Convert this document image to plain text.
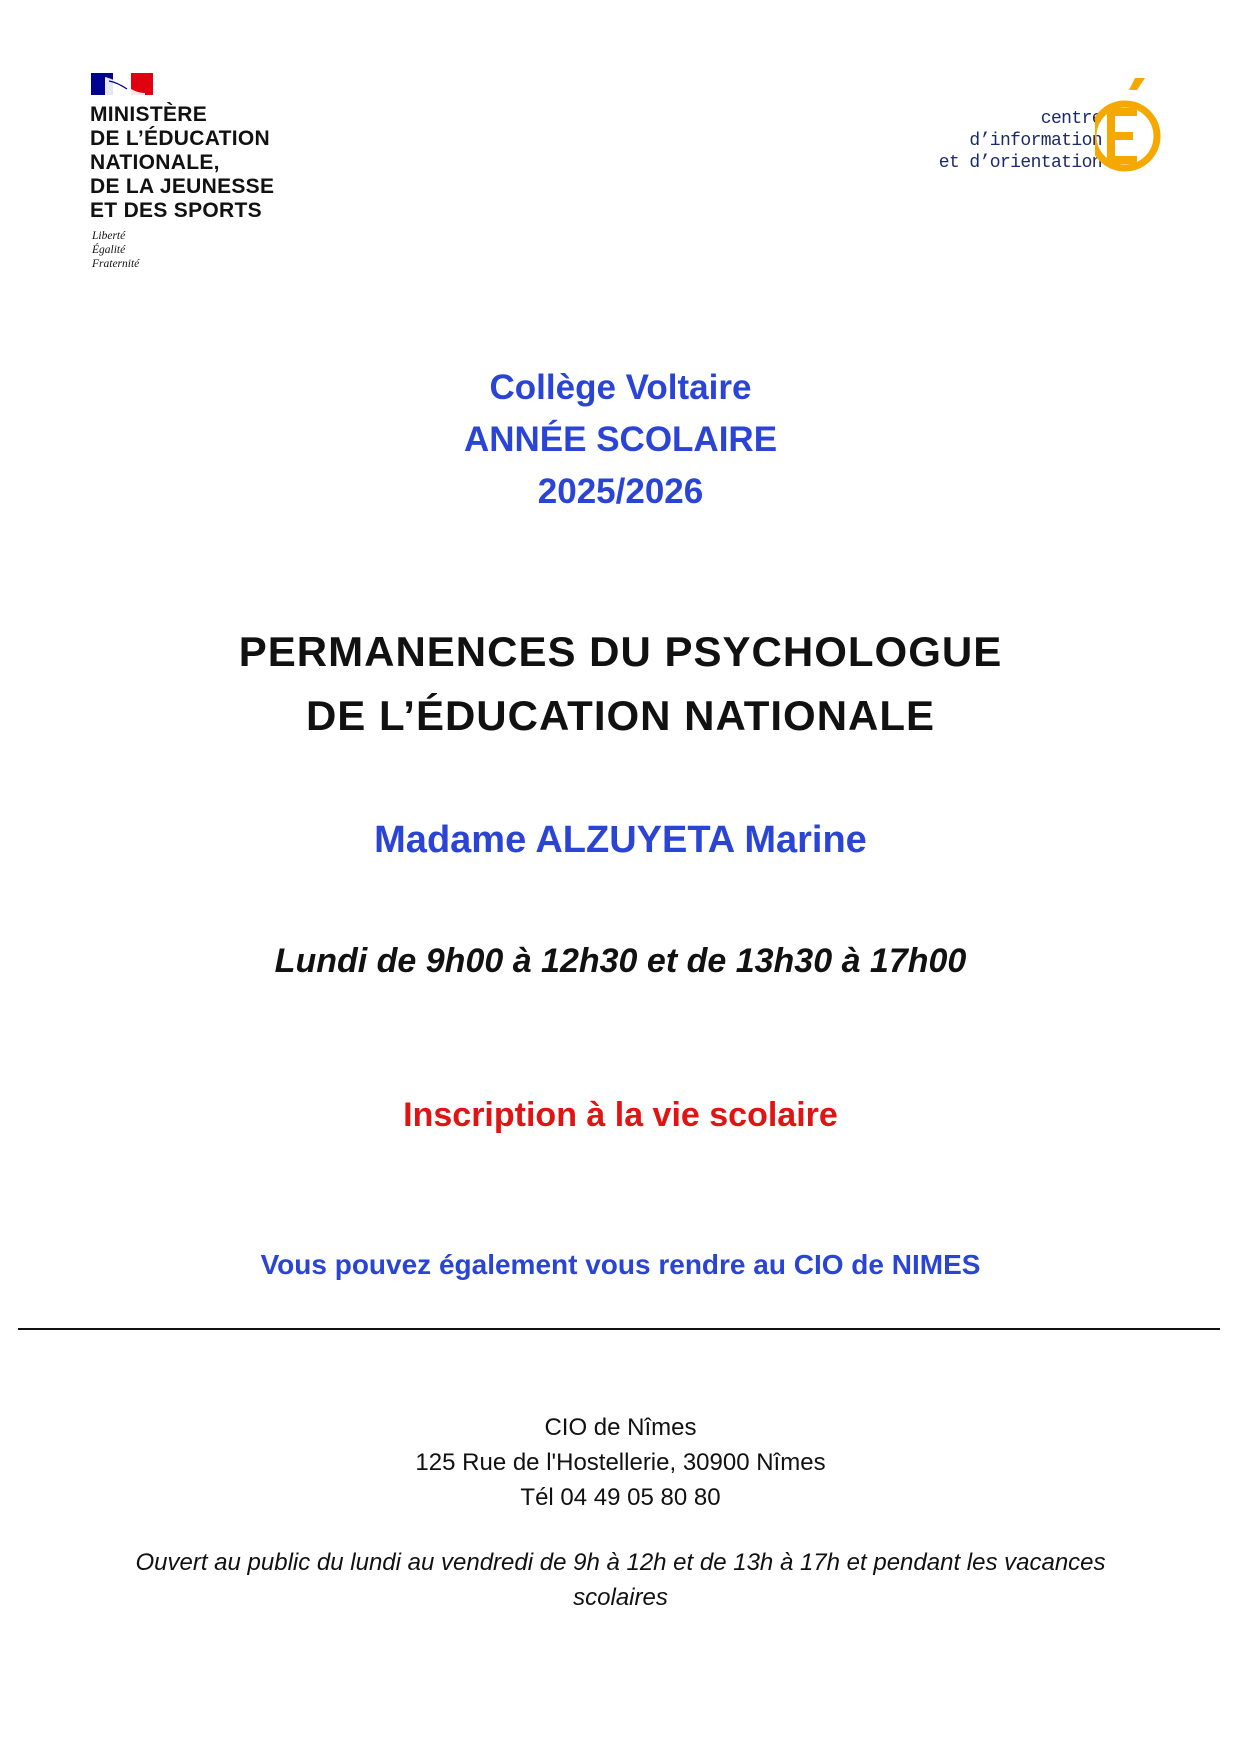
MINISTÈRE
DE L’ÉDUCATION
NATIONALE,
DE LA JEUNESSE
ET DES SPORTS
Liberté
Égalité
Fraternité
centre d’information
et d’orientation
Collège Voltaire
ANNÉE SCOLAIRE
2025/2026
PERMANENCES DU PSYCHOLOGUE
DE L’ÉDUCATION NATIONALE
Madame ALZUYETA Marine
Lundi de 9h00 à 12h30 et de 13h30 à 17h00
Inscription à la vie scolaire
Vous pouvez également vous rendre au CIO de NIMES
CIO de Nîmes
125 Rue de l'Hostellerie, 30900 Nîmes
Tél 04 49 05 80 80
Ouvert au public du lundi au vendredi de 9h à 12h et de 13h à 17h et pendant les vacances scolaires
